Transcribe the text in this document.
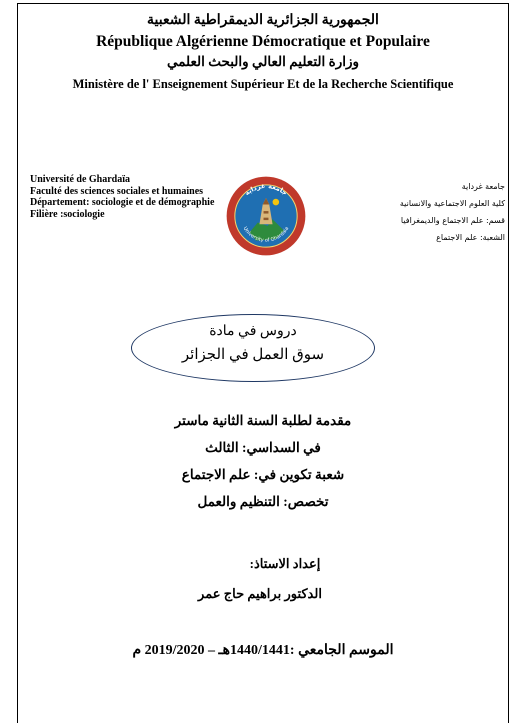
الجمهورية الجزائرية الديمقراطية الشعبية
République Algérienne Démocratique et Populaire
وزارة التعليم العالي والبحث العلمي
Ministère de l' Enseignement Supérieur Et de la Recherche Scientifique
Université de Ghardaïa
Faculté des sciences sociales et humaines
Département: sociologie et de démographie
Filière :sociologie
جامعة غرداية
كلية العلوم الاجتماعية والانسانية
قسم: علم الاجتماع والديمغرافيا
الشعبة: علم الاجتماع
جامعة غرداية
University of Ghardaia
دروس في مادة
سوق العمل في الجزائر
مقدمة لطلبة السنة الثانية ماستر
في السداسي: الثالث
شعبة تكوين في: علم الاجتماع
تخصص: التنظيم والعمل
إعداد الاستاذ:
الدكتور براهيم حاج عمر
الموسم الجامعي :1440/1441هـ – 2019/2020 م
